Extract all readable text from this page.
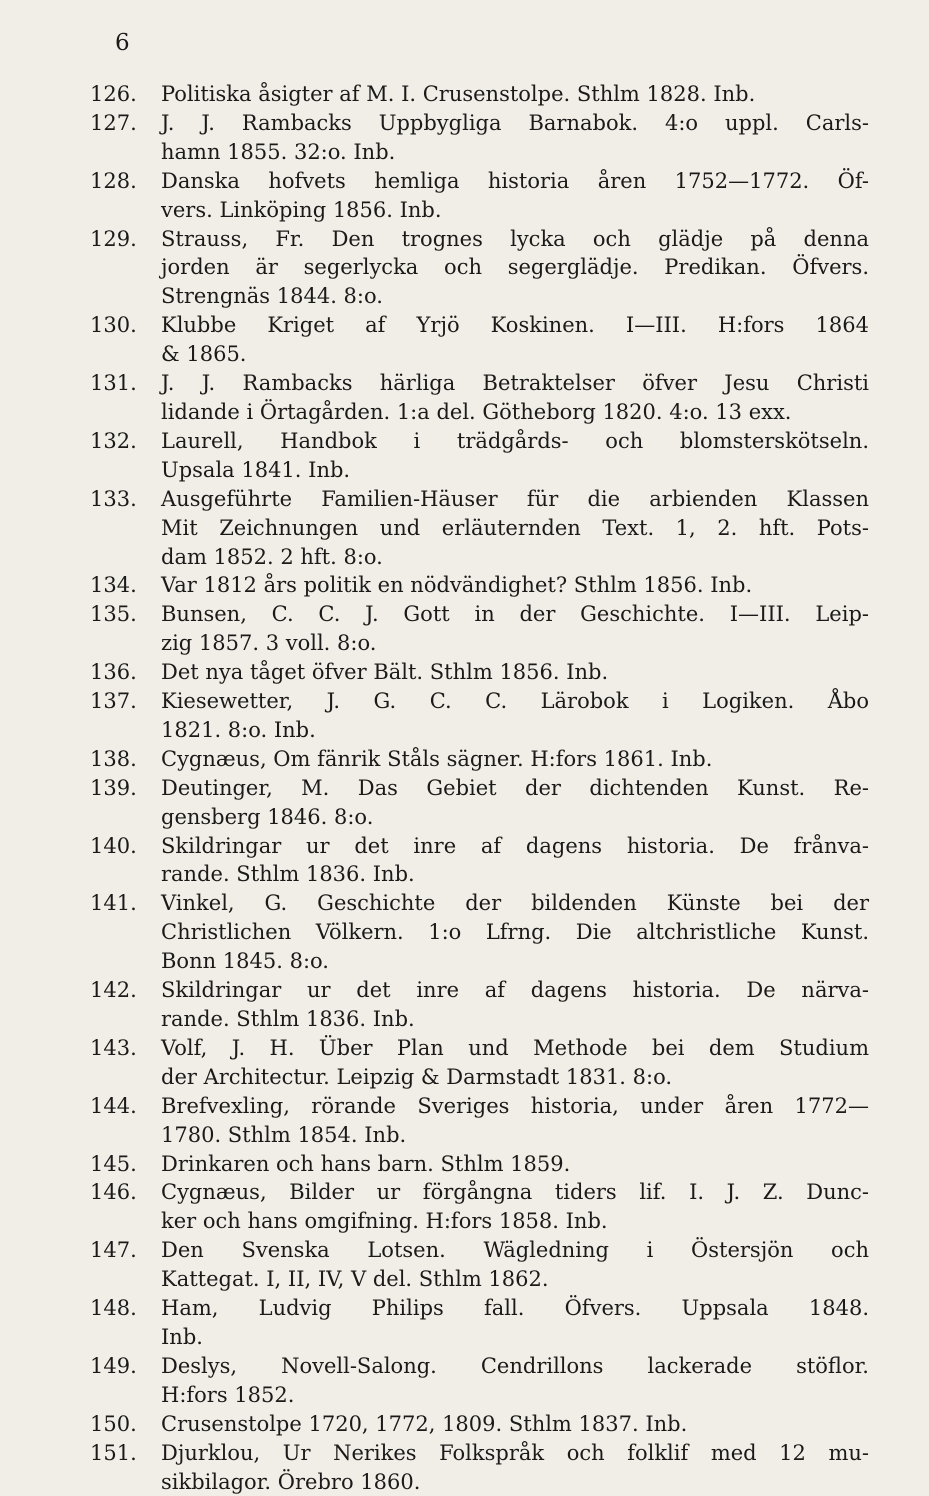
6
126.	Politiska åsigter af M. I. Crusenstolpe. Sthlm 1828. Inb.
127.	J. J. Rambacks Uppbygliga Barnabok. 4:o uppl. Carls-
hamn 1855. 32:o. Inb.
128.	Danska hofvets hemliga historia åren 1752—1772. Öf-
vers. Linköping 1856. Inb.
129.	Strauss, Fr. Den trognes lycka och glädje på denna
jorden är segerlycka och segerglädje. Predikan. Öfvers.
Strengnäs 1844. 8:o.
130.	Klubbe Kriget af Yrjö Koskinen. I—III. H:fors 1864
& 1865.
131.	J. J. Rambacks härliga Betraktelser öfver Jesu Christi
lidande i Örtagården. 1:a del. Götheborg 1820. 4:o. 13 exx.
132.	Laurell, Handbok i trädgårds- och blomsterskötseln.
Upsala 1841. Inb.
133.	Ausgeführte Familien-Häuser für die arbienden Klassen
Mit Zeichnungen und erläuternden Text. 1, 2. hft. Pots-
dam 1852. 2 hft. 8:o.
134.	Var 1812 års politik en nödvändighet? Sthlm 1856. Inb.
135.	Bunsen, C. C. J. Gott in der Geschichte. I—III. Leip-
zig 1857. 3 voll. 8:o.
136.	Det nya tåget öfver Bält. Sthlm 1856. Inb.
137.	Kiesewetter, J. G. C. C. Lärobok i Logiken. Åbo
1821. 8:o. Inb.
138.	Cygnæus, Om fänrik Ståls sägner. H:fors 1861. Inb.
139.	Deutinger, M. Das Gebiet der dichtenden Kunst. Re-
gensberg 1846. 8:o.
140.	Skildringar ur det inre af dagens historia. De frånva-
rande. Sthlm 1836. Inb.
141.	Vinkel, G. Geschichte der bildenden Künste bei der
Christlichen Völkern. 1:o Lfrng. Die altchristliche Kunst.
Bonn 1845. 8:o.
142.	Skildringar ur det inre af dagens historia. De närva-
rande. Sthlm 1836. Inb.
143.	Volf, J. H. Über Plan und Methode bei dem Studium
der Architectur. Leipzig & Darmstadt 1831. 8:o.
144.	Brefvexling, rörande Sveriges historia, under åren 1772—
1780. Sthlm 1854. Inb.
145.	Drinkaren och hans barn. Sthlm 1859.
146.	Cygnæus, Bilder ur förgångna tiders lif. I. J. Z. Dunc-
ker och hans omgifning. H:fors 1858. Inb.
147.	Den Svenska Lotsen. Wägledning i Östersjön och
Kattegat. I, II, IV, V del. Sthlm 1862.
148.	Ham, Ludvig Philips fall. Öfvers. Uppsala 1848.
Inb.
149.	Deslys, Novell-Salong. Cendrillons lackerade stöflor.
H:fors 1852.
150.	Crusenstolpe 1720, 1772, 1809. Sthlm 1837. Inb.
151.	Djurklou, Ur Nerikes Folkspråk och folklif med 12 mu-
sikbilagor. Örebro 1860.
